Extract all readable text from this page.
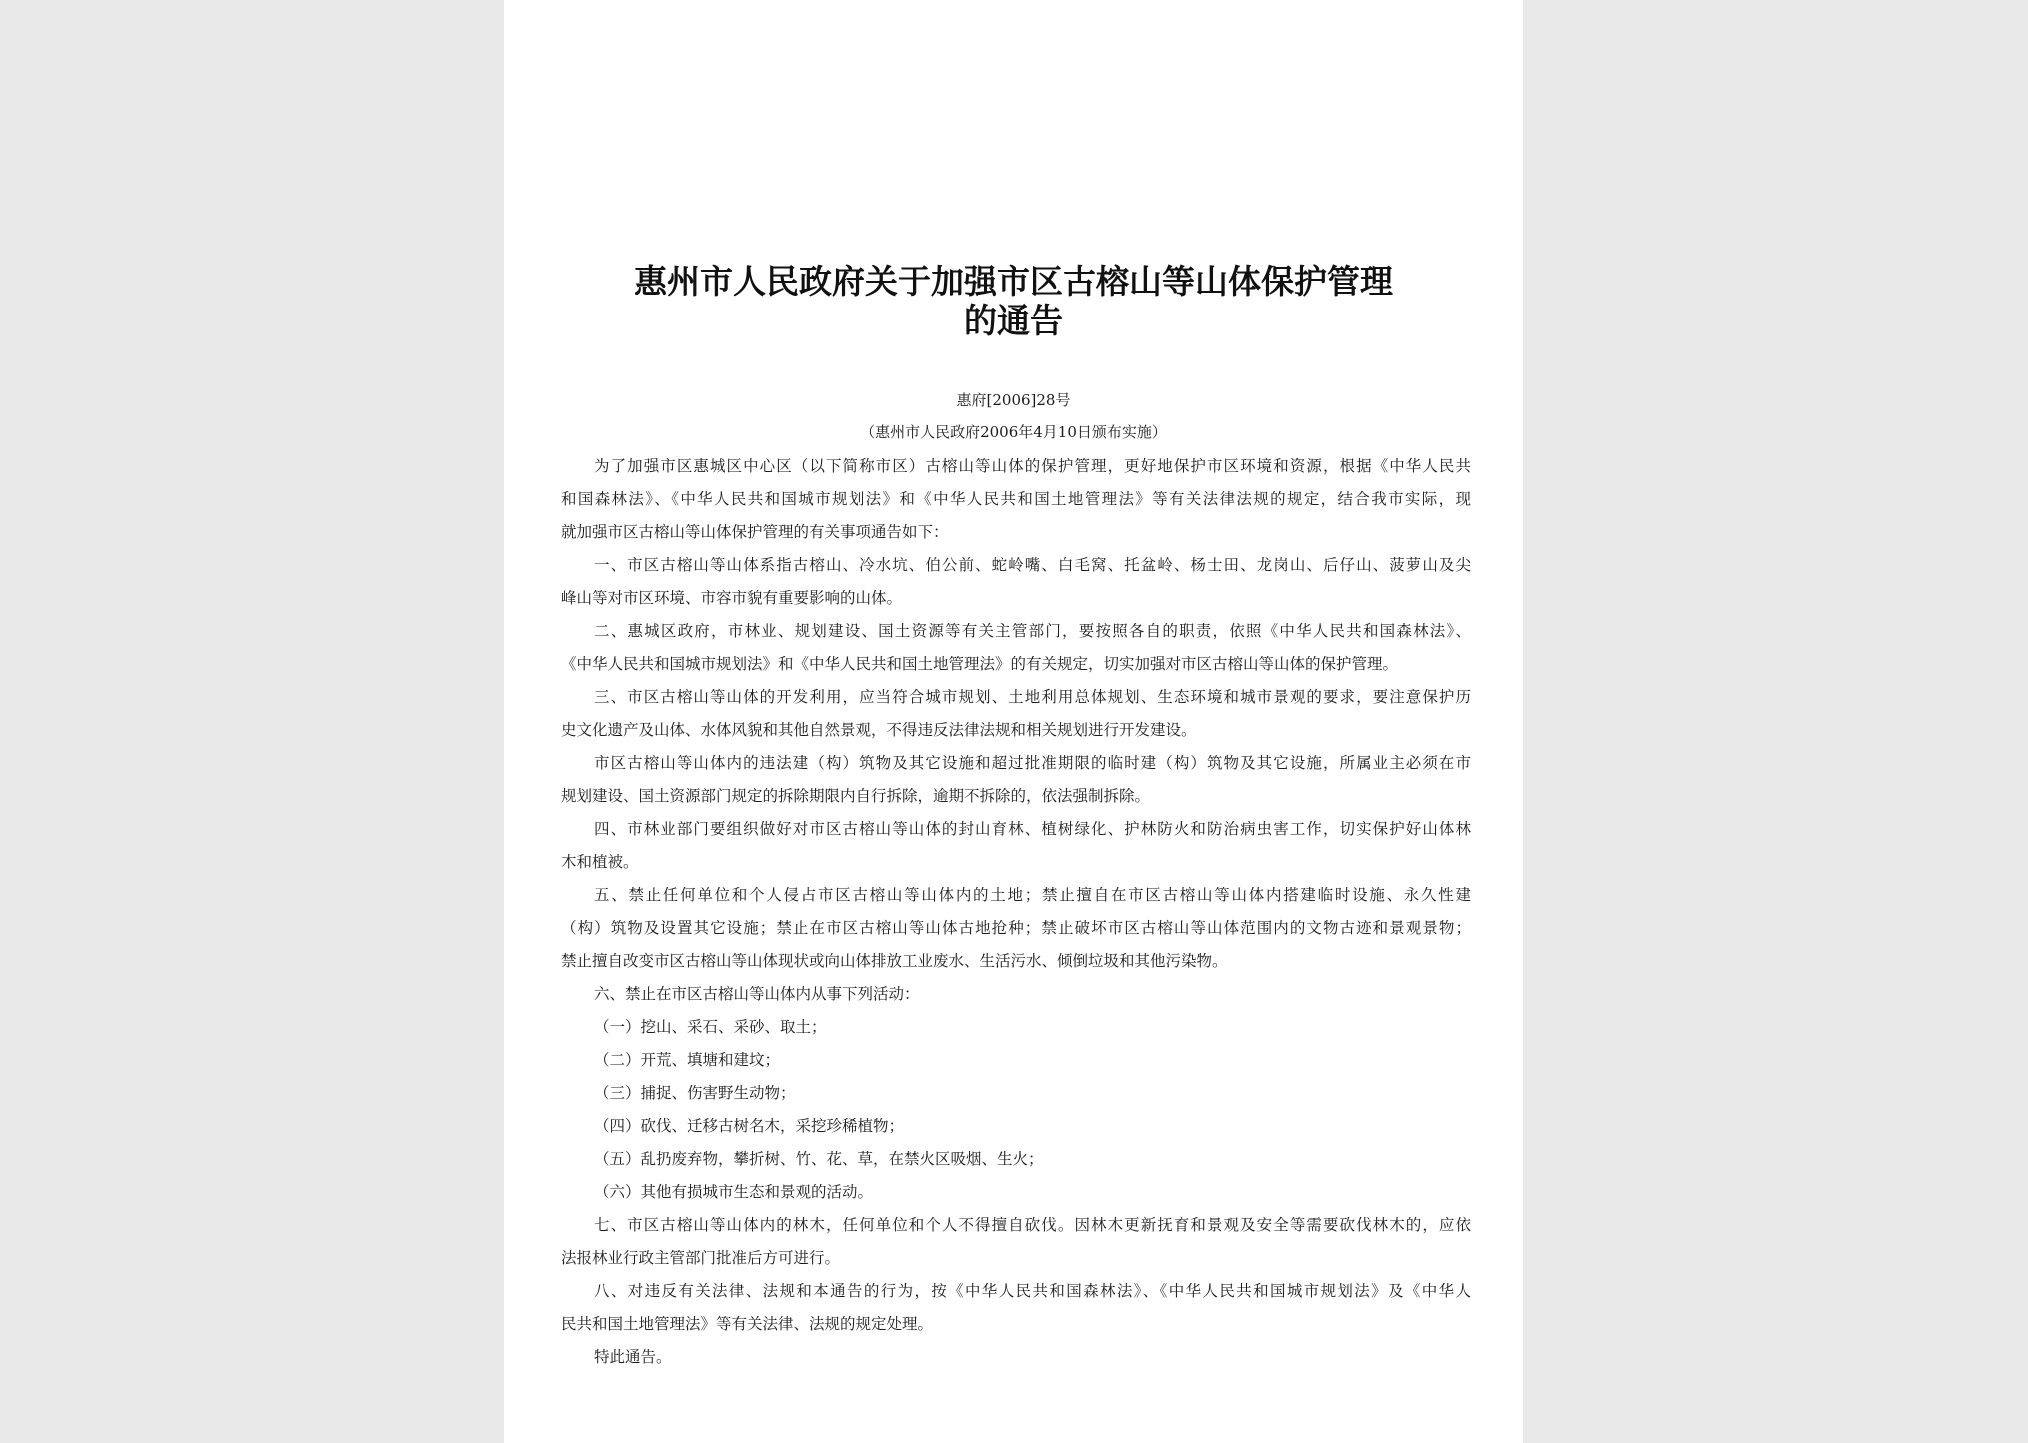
惠州市人民政府关于加强市区古榕山等山体保护管理
的通告
惠府[2006]28号
（惠州市人民政府2006年4月10日颁布实施）
为了加强市区惠城区中心区（以下简称市区）古榕山等山体的保护管理，更好地保护市区环境和资源，根据《中华人民共
和国森林法》、《中华人民共和国城市规划法》和《中华人民共和国土地管理法》等有关法律法规的规定，结合我市实际，现
就加强市区古榕山等山体保护管理的有关事项通告如下：
一、市区古榕山等山体系指古榕山、冷水坑、伯公前、蛇岭嘴、白毛窝、托盆岭、杨士田、龙岗山、后仔山、菠萝山及尖
峰山等对市区环境、市容市貌有重要影响的山体。
二、惠城区政府，市林业、规划建设、国土资源等有关主管部门，要按照各自的职责，依照《中华人民共和国森林法》、
《中华人民共和国城市规划法》和《中华人民共和国土地管理法》的有关规定，切实加强对市区古榕山等山体的保护管理。
三、市区古榕山等山体的开发利用，应当符合城市规划、土地利用总体规划、生态环境和城市景观的要求，要注意保护历
史文化遗产及山体、水体风貌和其他自然景观，不得违反法律法规和相关规划进行开发建设。
市区古榕山等山体内的违法建（构）筑物及其它设施和超过批准期限的临时建（构）筑物及其它设施，所属业主必须在市
规划建设、国土资源部门规定的拆除期限内自行拆除，逾期不拆除的，依法强制拆除。
四、市林业部门要组织做好对市区古榕山等山体的封山育林、植树绿化、护林防火和防治病虫害工作，切实保护好山体林
木和植被。
五、禁止任何单位和个人侵占市区古榕山等山体内的土地；禁止擅自在市区古榕山等山体内搭建临时设施、永久性建
（构）筑物及设置其它设施；禁止在市区古榕山等山体古地抢种；禁止破坏市区古榕山等山体范围内的文物古迹和景观景物；
禁止擅自改变市区古榕山等山体现状或向山体排放工业废水、生活污水、倾倒垃圾和其他污染物。
六、禁止在市区古榕山等山体内从事下列活动：
（一）挖山、采石、采砂、取土；
（二）开荒、填塘和建坟；
（三）捕捉、伤害野生动物；
（四）砍伐、迁移古树名木，采挖珍稀植物；
（五）乱扔废弃物，攀折树、竹、花、草，在禁火区吸烟、生火；
（六）其他有损城市生态和景观的活动。
七、市区古榕山等山体内的林木，任何单位和个人不得擅自砍伐。因林木更新抚育和景观及安全等需要砍伐林木的，应依
法报林业行政主管部门批准后方可进行。
八、对违反有关法律、法规和本通告的行为，按《中华人民共和国森林法》、《中华人民共和国城市规划法》及《中华人
民共和国土地管理法》等有关法律、法规的规定处理。
特此通告。
